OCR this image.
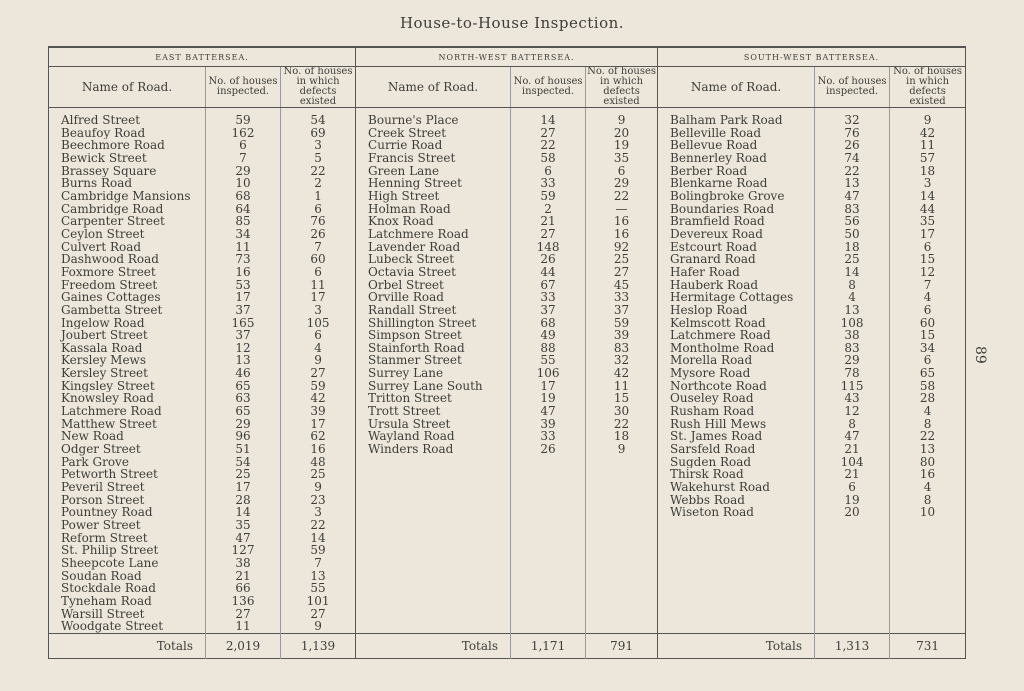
House-to-House Inspection.
89
EAST BATTERSEA.			NORTH-WEST BATTERSEA.			SOUTH-WEST BATTERSEA.		
Name of Road.	No. of houses inspected.	No. of houses in which defects existed	Name of Road.	No. of houses inspected.	No. of houses in which defects existed	Name of Road.	No. of houses inspected.	No. of houses in which defects existed
Alfred Street	59	54	Bourne's Place	14	9	Balham Park Road	32	9
Beaufoy Road	162	69	Creek Street	27	20	Belleville Road	76	42
Beechmore Road	6	3	Currie Road	22	19	Bellevue Road	26	11
Bewick Street	7	5	Francis Street	58	35	Bennerley Road	74	57
Brassey Square	29	22	Green Lane	6	6	Berber Road	22	18
Burns Road	10	2	Henning Street	33	29	Blenkarne Road	13	3
Cambridge Mansions	68	1	High Street	59	22	Bolingbroke Grove	47	14
Cambridge Road	64	6	Holman Road	2	—	Boundaries Road	83	44
Carpenter Street	85	76	Knox Road	21	16	Bramfield Road	56	35
Ceylon Street	34	26	Latchmere Road	27	16	Devereux Road	50	17
Culvert Road	11	7	Lavender Road	148	92	Estcourt Road	18	6
Dashwood Road	73	60	Lubeck Street	26	25	Granard Road	25	15
Foxmore Street	16	6	Octavia Street	44	27	Hafer Road	14	12
Freedom Street	53	11	Orbel Street	67	45	Hauberk Road	8	7
Gaines Cottages	17	17	Orville Road	33	33	Hermitage Cottages	4	4
Gambetta Street	37	3	Randall Street	37	37	Heslop Road	13	6
Ingelow Road	165	105	Shillington Street	68	59	Kelmscott Road	108	60
Joubert Street	37	6	Simpson Street	49	39	Latchmere Road	38	15
Kassala Road	12	4	Stainforth Road	88	83	Montholme Road	83	34
Kersley Mews	13	9	Stanmer Street	55	32	Morella Road	29	6
Kersley Street	46	27	Surrey Lane	106	42	Mysore Road	78	65
Kingsley Street	65	59	Surrey Lane South	17	11	Northcote Road	115	58
Knowsley Road	63	42	Tritton Street	19	15	Ouseley Road	43	28
Latchmere Road	65	39	Trott Street	47	30	Rusham Road	12	4
Matthew Street	29	17	Ursula Street	39	22	Rush Hill Mews	8	8
New Road	96	62	Wayland Road	33	18	St. James Road	47	22
Odger Street	51	16	Winders Road	26	9	Sarsfeld Road	21	13
Park Grove	54	48				Sugden Road	104	80
Petworth Street	25	25				Thirsk Road	21	16
Peveril Street	17	9				Wakehurst Road	6	4
Porson Street	28	23				Webbs Road	19	8
Pountney Road	14	3				Wiseton Road	20	10
Power Street	35	22						
Reform Street	47	14						
St. Philip Street	127	59						
Sheepcote Lane	38	7						
Soudan Road	21	13						
Stockdale Road	66	55						
Tyneham Road	136	101						
Warsill Street	27	27						
Woodgate Street	11	9						
Totals	2,019	1,139	Totals	1,171	791	Totals	1,313	731
